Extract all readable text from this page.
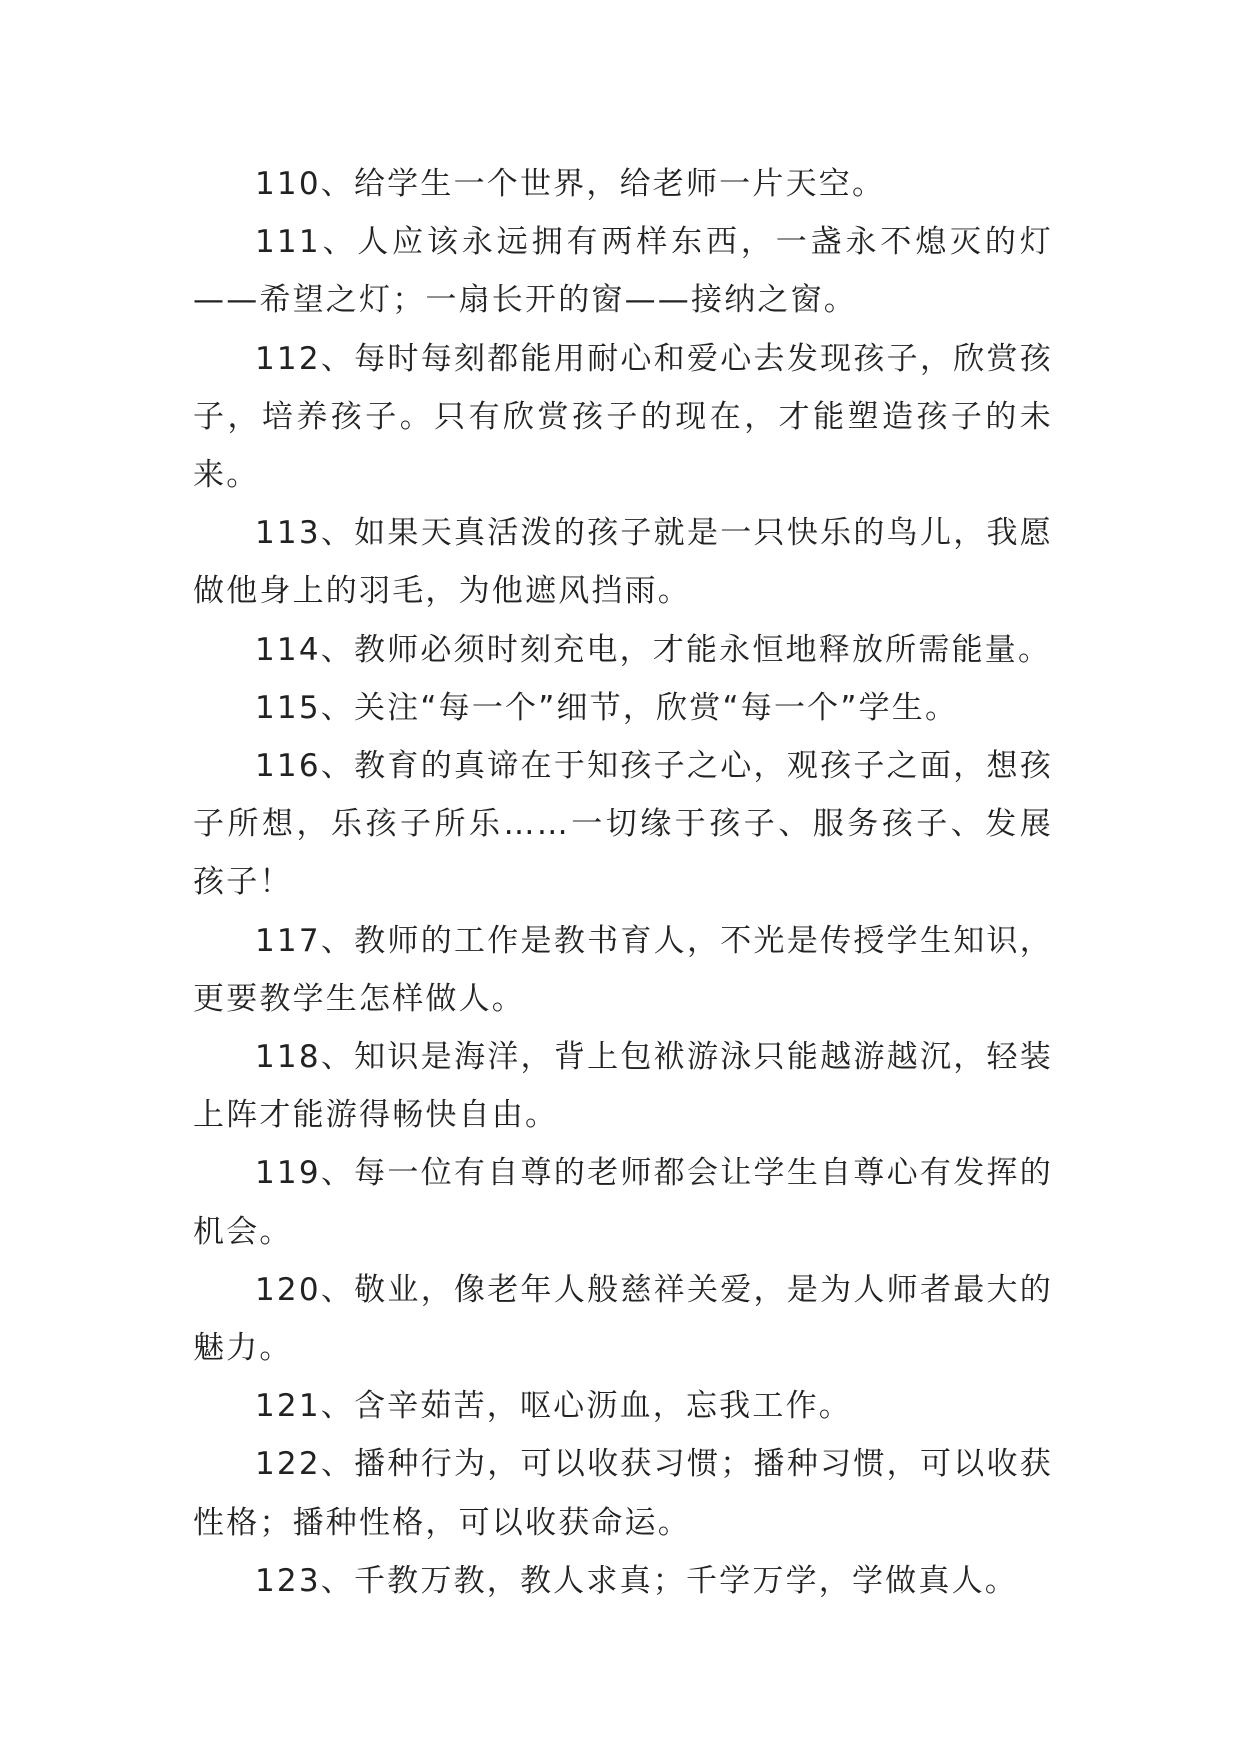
110、给学生一个世界，给老师一片天空。

111、人应该永远拥有两样东西，一盏永不熄灭的灯——希望之灯；一扇长开的窗——接纳之窗。

112、每时每刻都能用耐心和爱心去发现孩子，欣赏孩子，培养孩子。只有欣赏孩子的现在，才能塑造孩子的未来。

113、如果天真活泼的孩子就是一只快乐的鸟儿，我愿做他身上的羽毛，为他遮风挡雨。

114、教师必须时刻充电，才能永恒地释放所需能量。

115、关注“每一个”细节，欣赏“每一个”学生。

116、教育的真谛在于知孩子之心，观孩子之面，想孩子所想，乐孩子所乐……一切缘于孩子、服务孩子、发展孩子！

117、教师的工作是教书育人，不光是传授学生知识，更要教学生怎样做人。

118、知识是海洋，背上包袱游泳只能越游越沉，轻装上阵才能游得畅快自由。

119、每一位有自尊的老师都会让学生自尊心有发挥的机会。

120、敬业，像老年人般慈祥关爱，是为人师者最大的魅力。

121、含辛茹苦，呕心沥血，忘我工作。

122、播种行为，可以收获习惯；播种习惯，可以收获性格；播种性格，可以收获命运。

123、千教万教，教人求真；千学万学，学做真人。
